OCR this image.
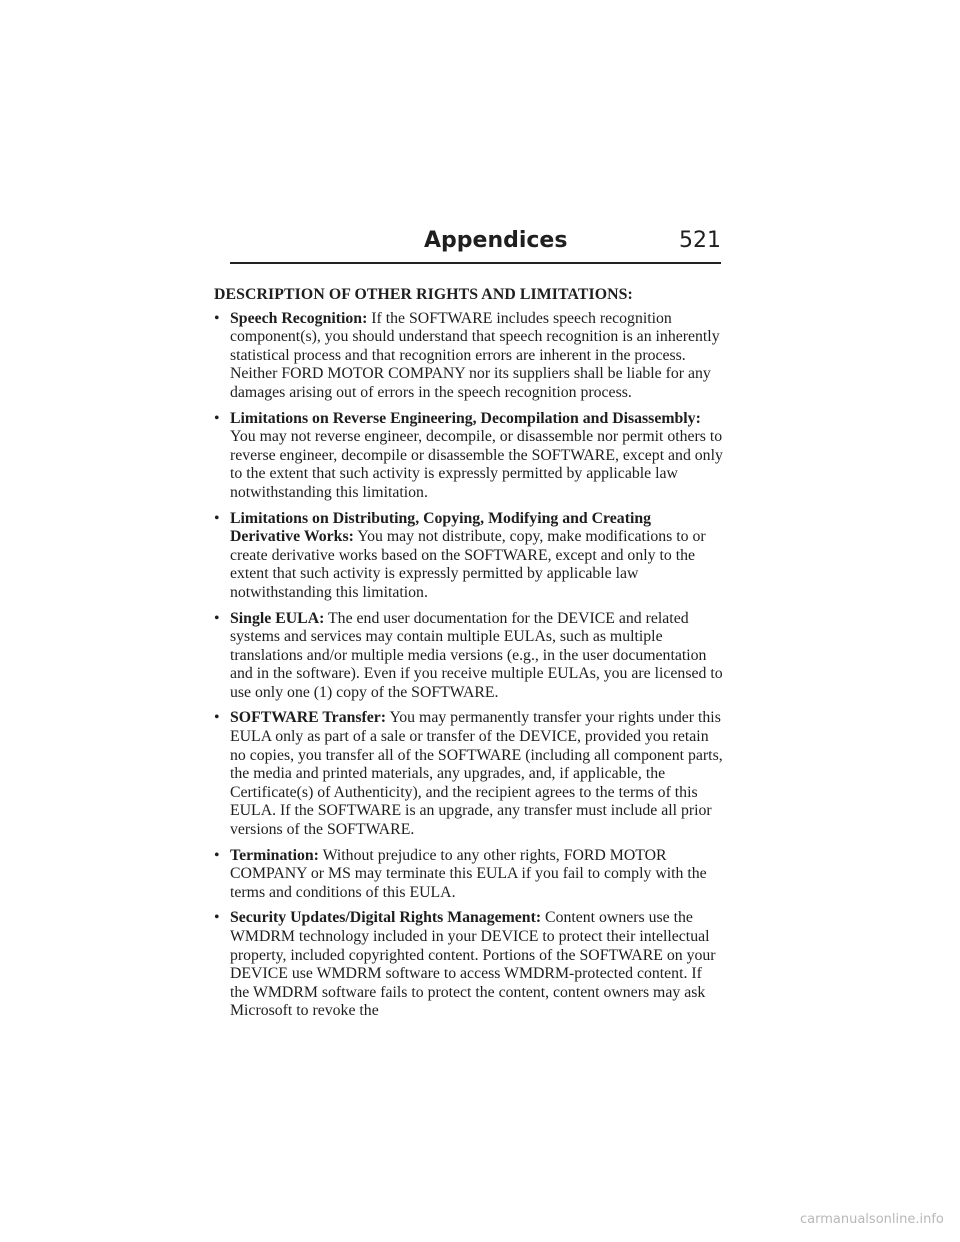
Appendices	521
DESCRIPTION OF OTHER RIGHTS AND LIMITATIONS:
• Speech Recognition: If the SOFTWARE includes speech recognition component(s), you should understand that speech recognition is an inherently statistical process and that recognition errors are inherent in the process. Neither FORD MOTOR COMPANY nor its suppliers shall be liable for any damages arising out of errors in the speech recognition process.
• Limitations on Reverse Engineering, Decompilation and Disassembly: You may not reverse engineer, decompile, or disassemble nor permit others to reverse engineer, decompile or disassemble the SOFTWARE, except and only to the extent that such activity is expressly permitted by applicable law notwithstanding this limitation.
• Limitations on Distributing, Copying, Modifying and Creating Derivative Works: You may not distribute, copy, make modifications to or create derivative works based on the SOFTWARE, except and only to the extent that such activity is expressly permitted by applicable law notwithstanding this limitation.
• Single EULA: The end user documentation for the DEVICE and related systems and services may contain multiple EULAs, such as multiple translations and/or multiple media versions (e.g., in the user documentation and in the software). Even if you receive multiple EULAs, you are licensed to use only one (1) copy of the SOFTWARE.
• SOFTWARE Transfer: You may permanently transfer your rights under this EULA only as part of a sale or transfer of the DEVICE, provided you retain no copies, you transfer all of the SOFTWARE (including all component parts, the media and printed materials, any upgrades, and, if applicable, the Certificate(s) of Authenticity), and the recipient agrees to the terms of this EULA. If the SOFTWARE is an upgrade, any transfer must include all prior versions of the SOFTWARE.
• Termination: Without prejudice to any other rights, FORD MOTOR COMPANY or MS may terminate this EULA if you fail to comply with the terms and conditions of this EULA.
• Security Updates/Digital Rights Management: Content owners use the WMDRM technology included in your DEVICE to protect their intellectual property, included copyrighted content. Portions of the SOFTWARE on your DEVICE use WMDRM software to access WMDRM-protected content. If the WMDRM software fails to protect the content, content owners may ask Microsoft to revoke the
carmanualsonline.info
